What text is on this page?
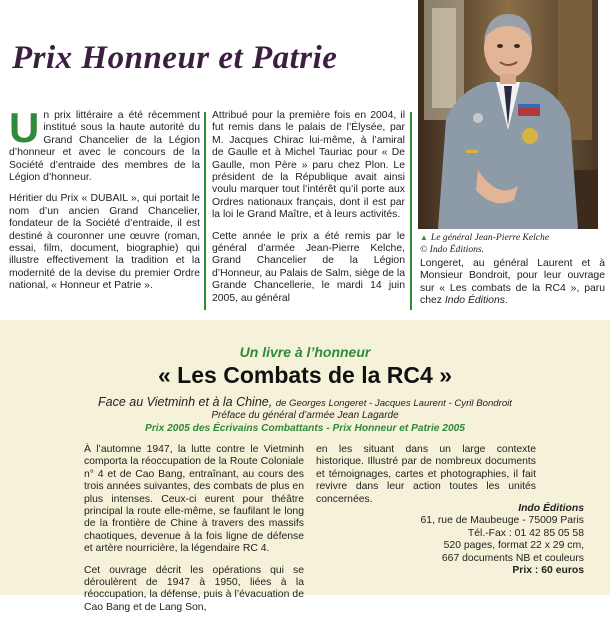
Prix Honneur et Patrie

Un prix littéraire a été récemment institué sous la haute autorité du Grand Chancelier de la Légion d’honneur et avec le concours de la Société d’entraide des membres de la Légion d’honneur.

Héritier du Prix « DUBAIL », qui portait le nom d’un ancien Grand Chancelier, fondateur de la Société d’entraide, il est destiné à couronner une œuvre (roman, essai, film, document, biographie) qui illustre effectivement la tradition et la modernité de la devise du premier Ordre national, « Honneur et Patrie ».

Attribué pour la première fois en 2004, il fut remis dans le palais de l’Élysée, par M. Jacques Chirac lui-même, à l’amiral de Gaulle et à Michel Tauriac pour « De Gaulle, mon Père » paru chez Plon. Le président de la République avait ainsi voulu marquer tout l’intérêt qu’il porte aux Ordres nationaux français, dont il est par la loi le Grand Maître, et à leurs activités.

Cette année le prix a été remis par le général d’armée Jean-Pierre Kelche, Grand Chancelier de la Légion d’Honneur, au Palais de Salm, siège de la Grande Chancellerie, le mardi 14 juin 2005, au général

▲ Le général Jean-Pierre Kelche
© Indo Éditions.

Longeret, au général Laurent et à Monsieur Bondroit, pour leur ouvrage sur « Les combats de la RC4 », paru chez Indo Éditions.

Un livre à l’honneur
« Les Combats de la RC4 »
Face au Vietminh et à la Chine, de Georges Longeret - Jacques Laurent - Cyril Bondroit
Préface du général d’armée Jean Lagarde
Prix 2005 des Écrivains Combattants - Prix Honneur et Patrie 2005

À l’automne 1947, la lutte contre le Vietminh comporta la réoccupation de la Route Coloniale n° 4 et de Cao Bang, entraînant, au cours des trois années suivantes, des combats de plus en plus intenses. Ceux-ci eurent pour théâtre principal la route elle-même, se faufilant le long de la frontière de Chine à travers des massifs chaotiques, devenue à la fois ligne de défense et artère nourricière, la légendaire RC 4.

Cet ouvrage décrit les opérations qui se déroulèrent de 1947 à 1950, liées à la réoccupation, la défense, puis à l’évacuation de Cao Bang et de Lang Son,

en les situant dans un large contexte historique. Illustré par de nombreux documents et témoignages, cartes et photographies, il fait revivre dans leur action toutes les unités concernées.

Indo Éditions
61, rue de Maubeuge - 75009 Paris
Tél.-Fax : 01 42 85 05 58
520 pages, format 22 x 29 cm,
667 documents NB et couleurs
Prix : 60 euros
